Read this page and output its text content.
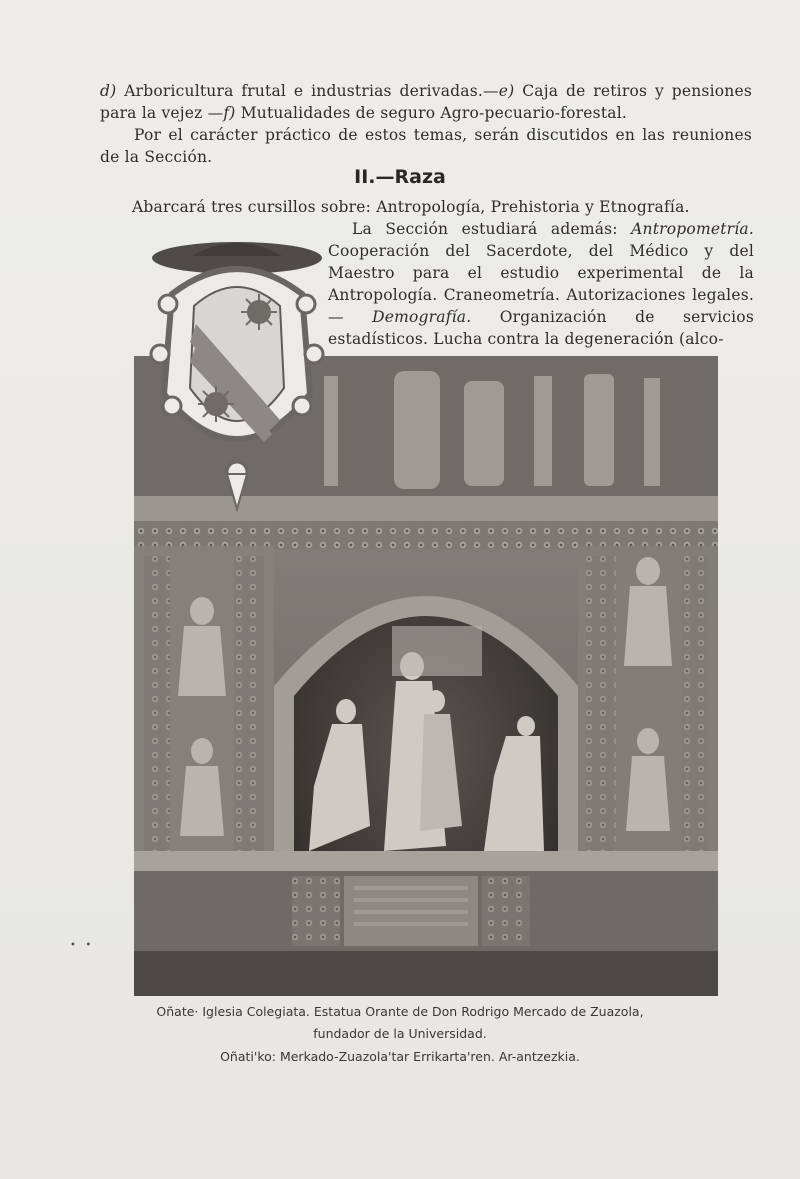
d) Arboricultura frutal e industrias derivadas.—e) Caja de retiros y pensiones para la vejez —f) Mutualidades de seguro Agro-pecuario-forestal.
Por el carácter práctico de estos temas, serán discutidos en las reuniones de la Sección.
II.—Raza
Abarcará tres cursillos sobre: Antropología, Prehistoria y Etnografía.
La Sección estudiará además: Antropometría. Cooperación del Sacerdote, del Médico y del Maestro para el estudio experimental de la Antropología. Craneometría. Autorizaciones legales. — Demografía. Organización de servicios estadísticos. Lucha contra la degeneración (alco-
•   •
Oñate· Iglesia Colegiata. Estatua Orante de Don Rodrigo Mercado de Zuazola,
fundador de la Universidad.
Oñati'ko: Merkado-Zuazola'tar Errikarta'ren. Ar-antzezkia.
